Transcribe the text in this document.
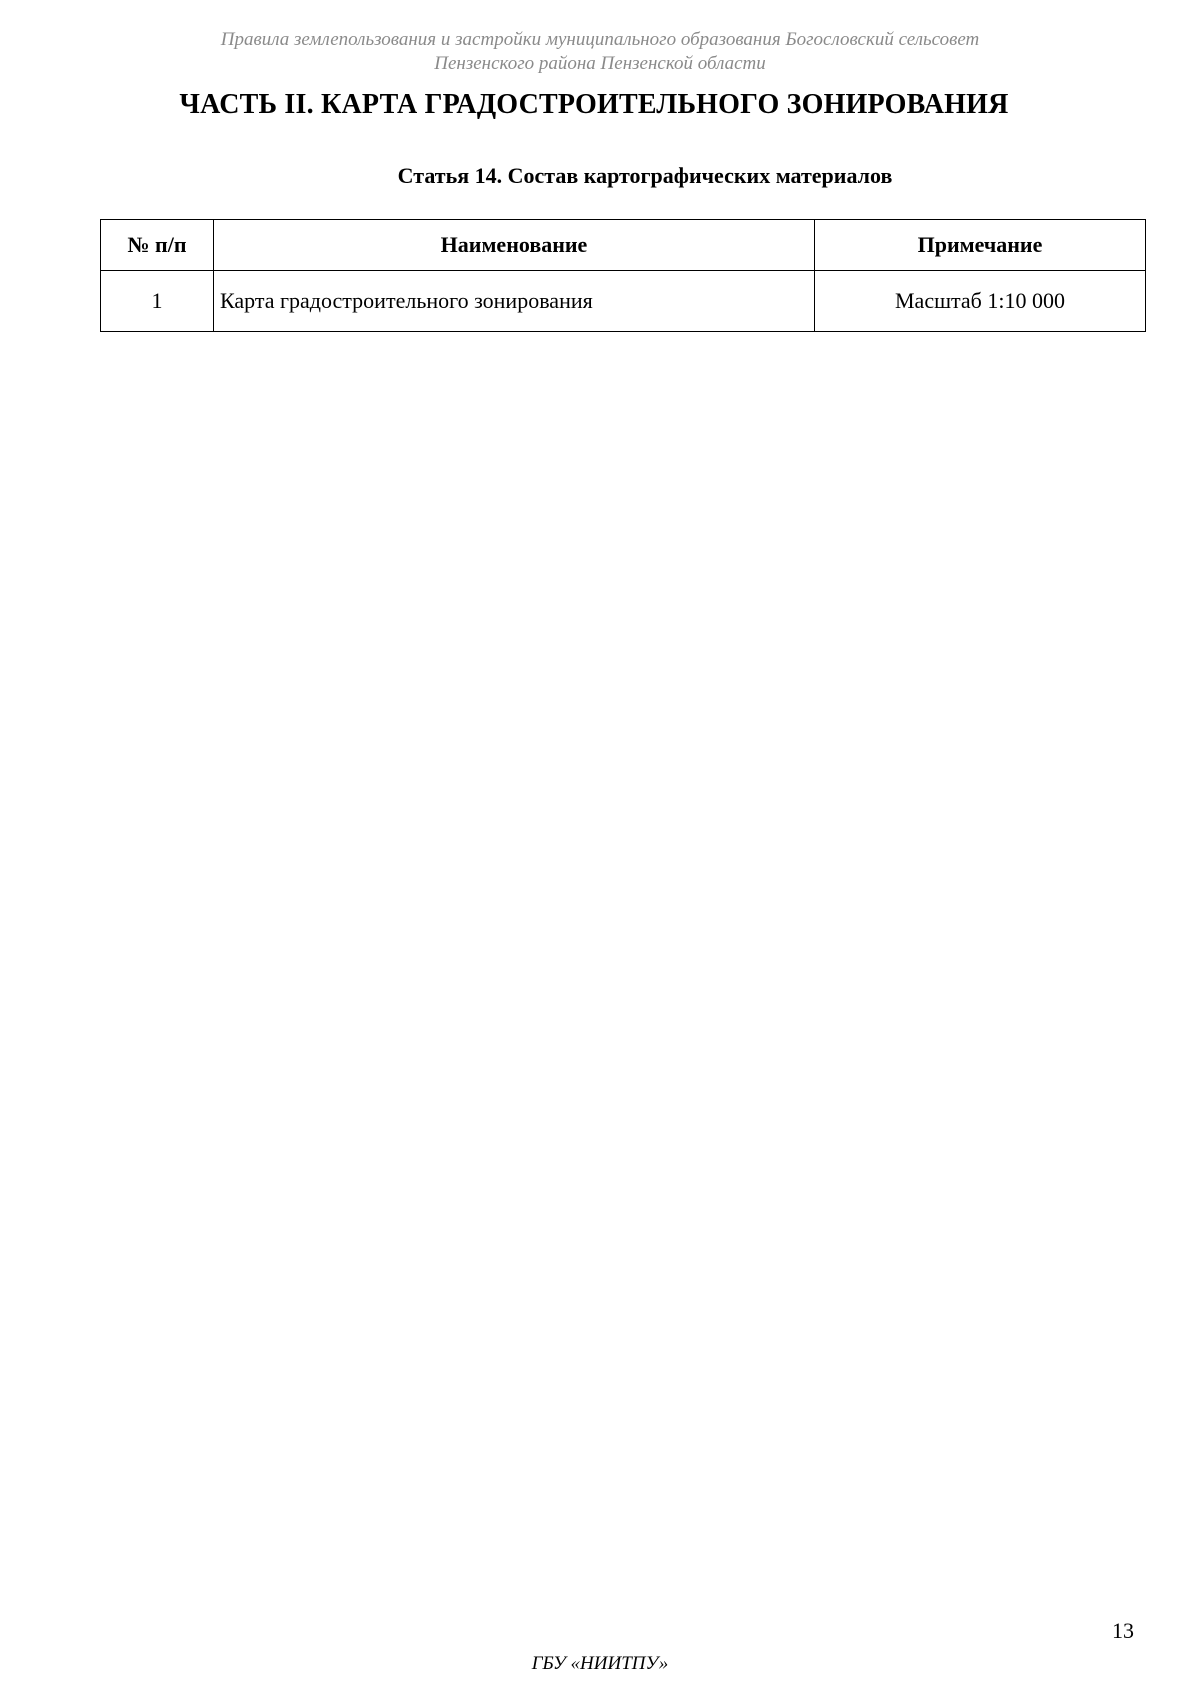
Правила землепользования и застройки муниципального образования Богословский сельсовет
Пензенского района Пензенской области
ЧАСТЬ II. КАРТА ГРАДОСТРОИТЕЛЬНОГО ЗОНИРОВАНИЯ
Статья 14. Состав картографических материалов
№ п/п	Наименование	Примечание
1	Карта градостроительного зонирования	Масштаб 1:10 000
13
ГБУ «НИИТПУ»
